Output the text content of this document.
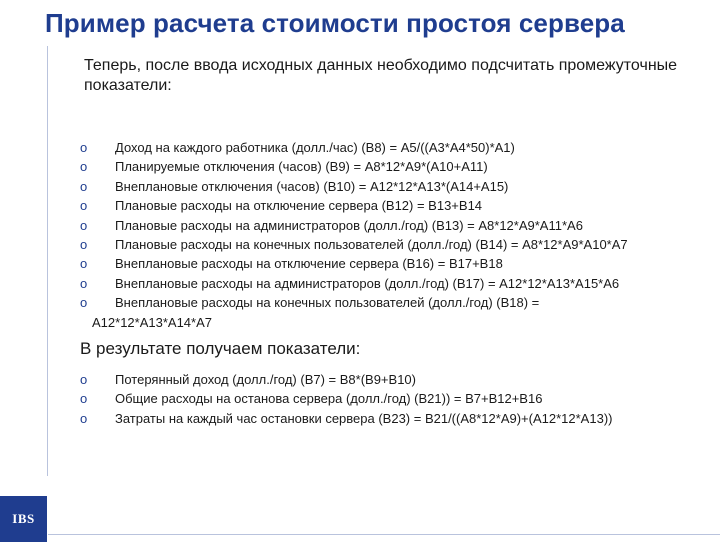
Пример расчета стоимости простоя сервера
IBS
Теперь, после ввода исходных данных необходимо подсчитать промежуточные показатели:
o Доход на каждого работника (долл./час) (B8) = A5/((A3*A4*50)*A1)
o Планируемые отключения (часов) (B9) = A8*12*A9*(A10+A11)
o Внеплановые отключения (часов) (B10) = A12*12*A13*(A14+A15)
o Плановые расходы на отключение сервера (B12) = B13+B14
o Плановые расходы на администраторов (долл./год) (B13) = A8*12*A9*A11*A6
o Плановые расходы на конечных пользователей (долл./год) (B14) = A8*12*A9*A10*A7
o Внеплановые расходы на отключение сервера (B16) = B17+B18
o Внеплановые расходы на администраторов (долл./год) (B17) = A12*12*A13*A15*A6
o Внеплановые расходы на конечных пользователей (долл./год) (B18) =
A12*12*A13*A14*A7
В результате получаем показатели:
o Потерянный доход (долл./год) (B7) = B8*(B9+B10)
o Общие расходы на останова сервера (долл./год) (B21)) = B7+B12+B16
o Затраты на каждый час остановки сервера (B23) = B21/((A8*12*A9)+(A12*12*A13))
